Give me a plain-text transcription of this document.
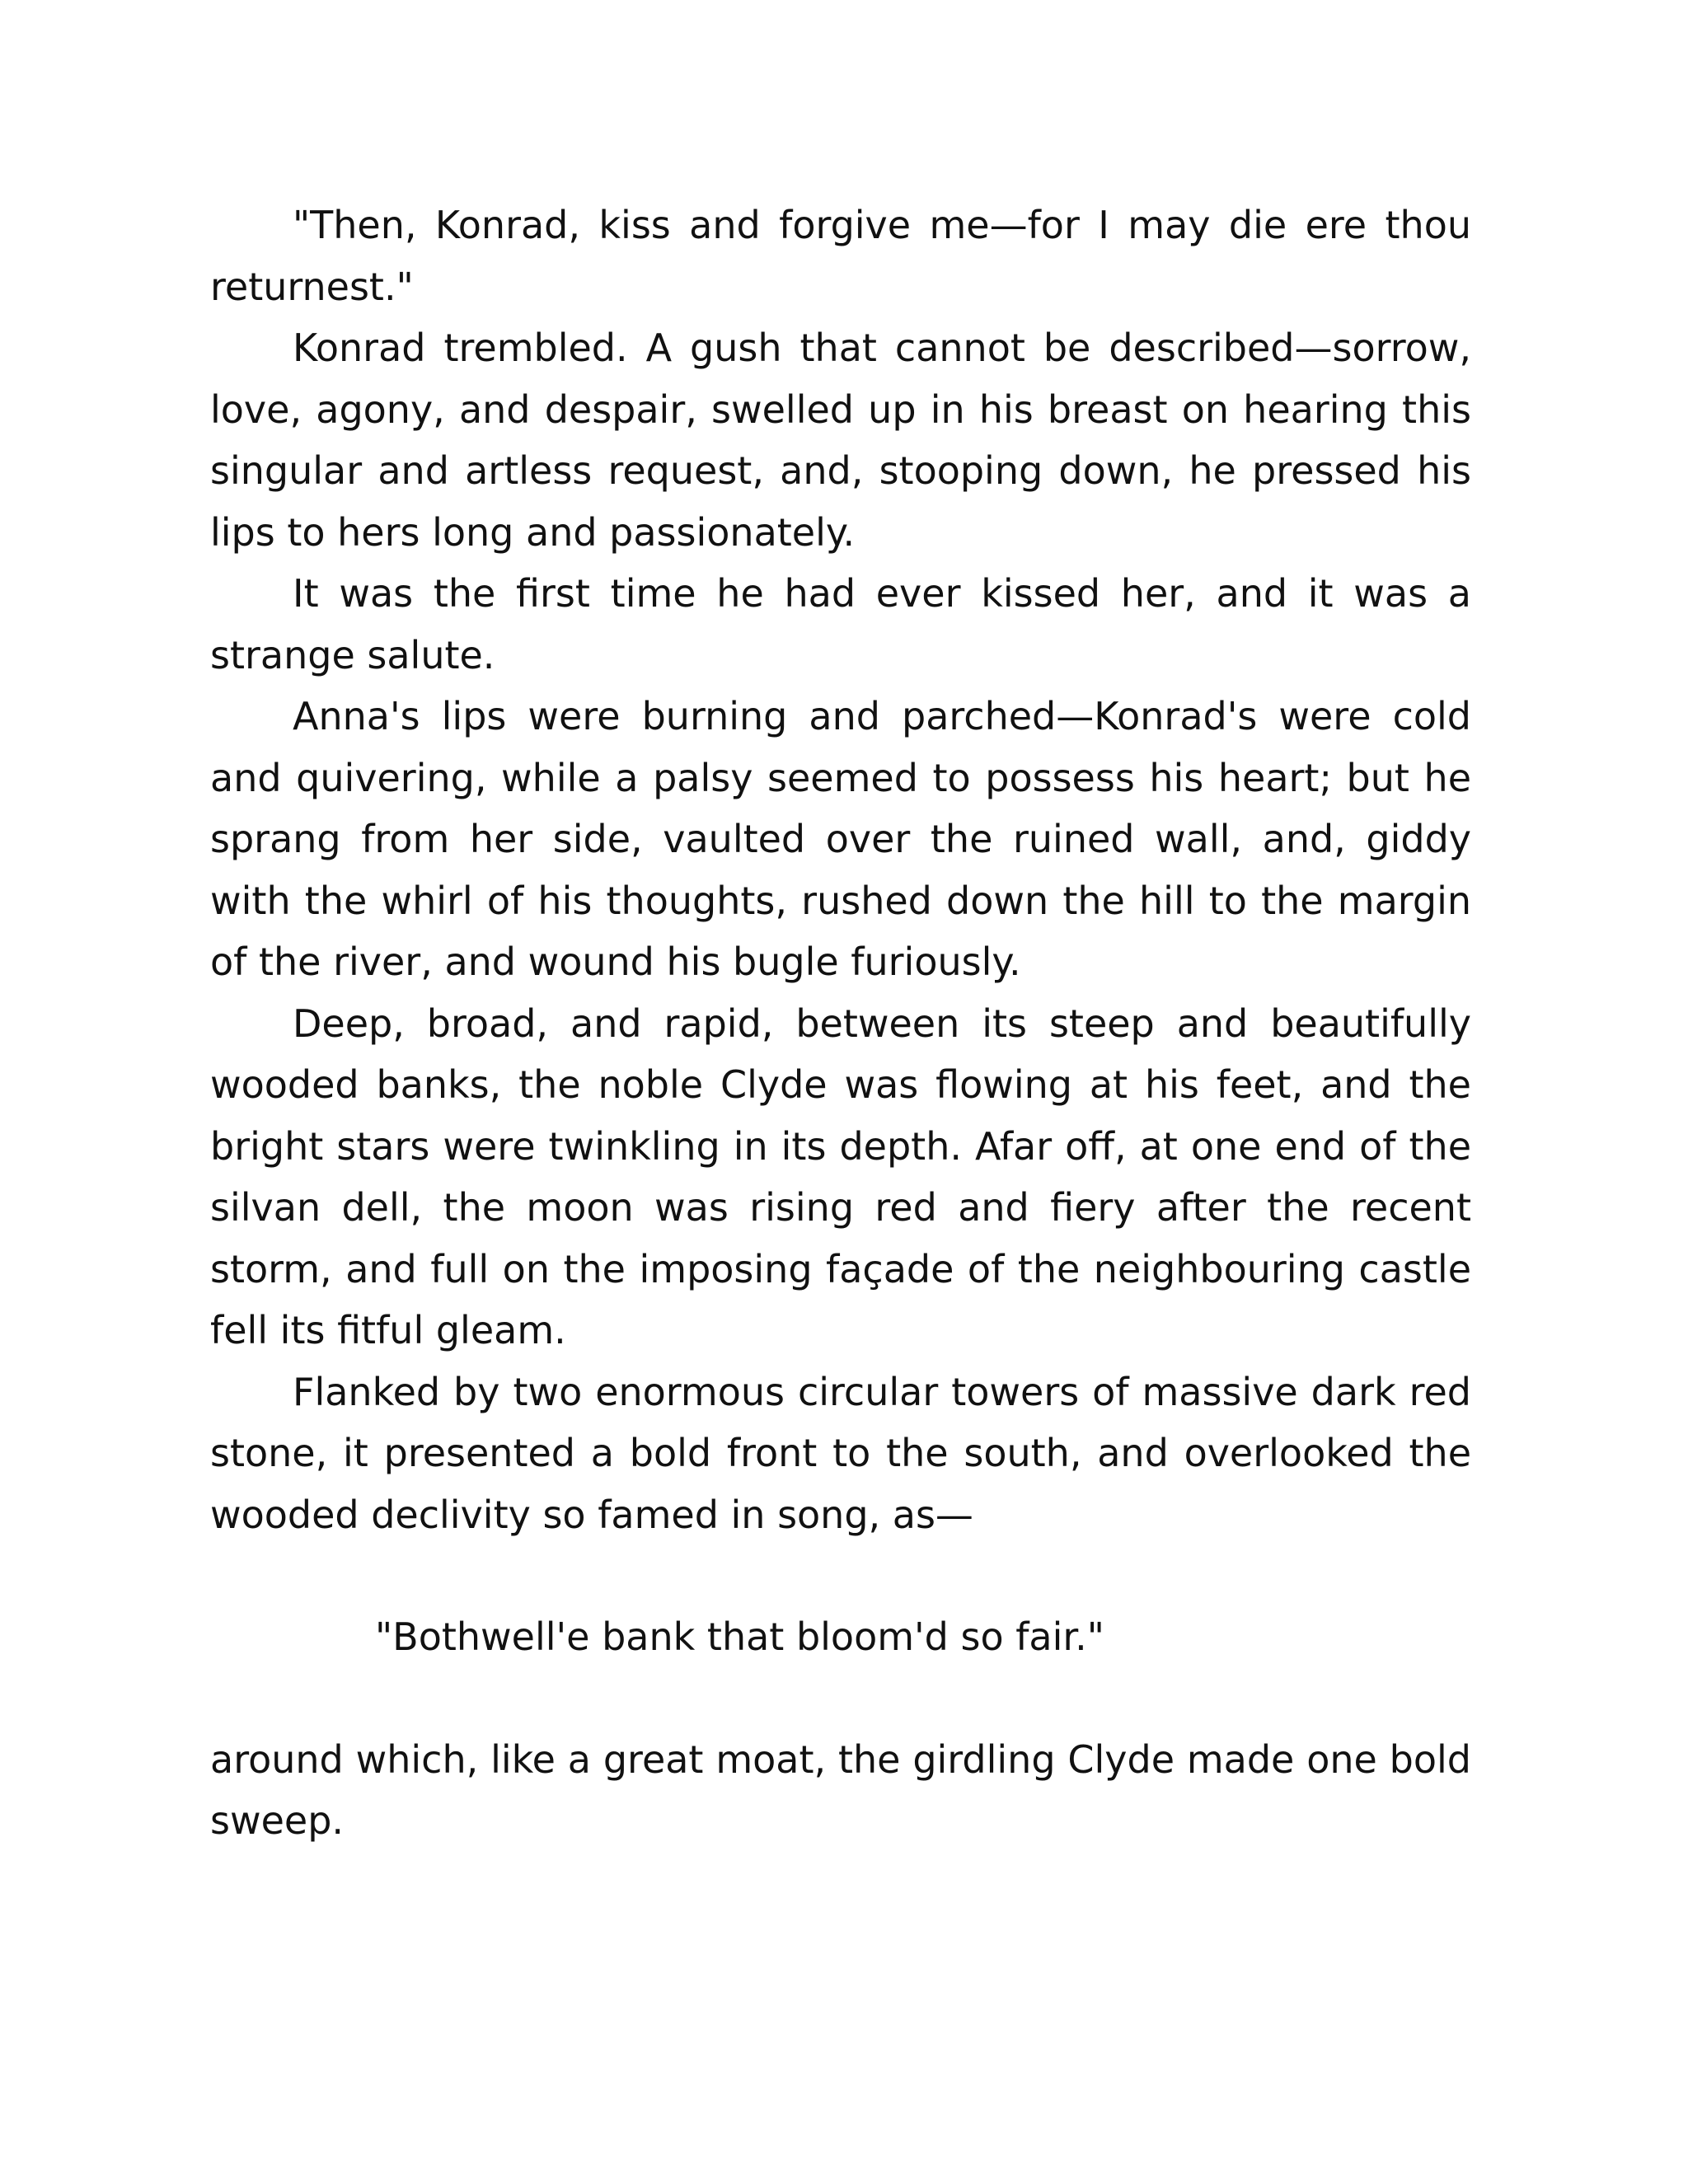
"Then, Konrad, kiss and forgive me—for I may die ere thou returnest."

Konrad trembled. A gush that cannot be described—sorrow, love, agony, and despair, swelled up in his breast on hearing this singular and artless request, and, stooping down, he pressed his lips to hers long and passionately.

It was the first time he had ever kissed her, and it was a strange salute.

Anna's lips were burning and parched—Konrad's were cold and quivering, while a palsy seemed to possess his heart; but he sprang from her side, vaulted over the ruined wall, and, giddy with the whirl of his thoughts, rushed down the hill to the margin of the river, and wound his bugle furiously.

Deep, broad, and rapid, between its steep and beautifully wooded banks, the noble Clyde was flowing at his feet, and the bright stars were twinkling in its depth. Afar off, at one end of the silvan dell, the moon was rising red and fiery after the recent storm, and full on the imposing façade of the neighbouring castle fell its fitful gleam.

Flanked by two enormous circular towers of massive dark red stone, it presented a bold front to the south, and overlooked the wooded declivity so famed in song, as—

"Bothwell'e bank that bloom'd so fair."

around which, like a great moat, the girdling Clyde made one bold sweep.
